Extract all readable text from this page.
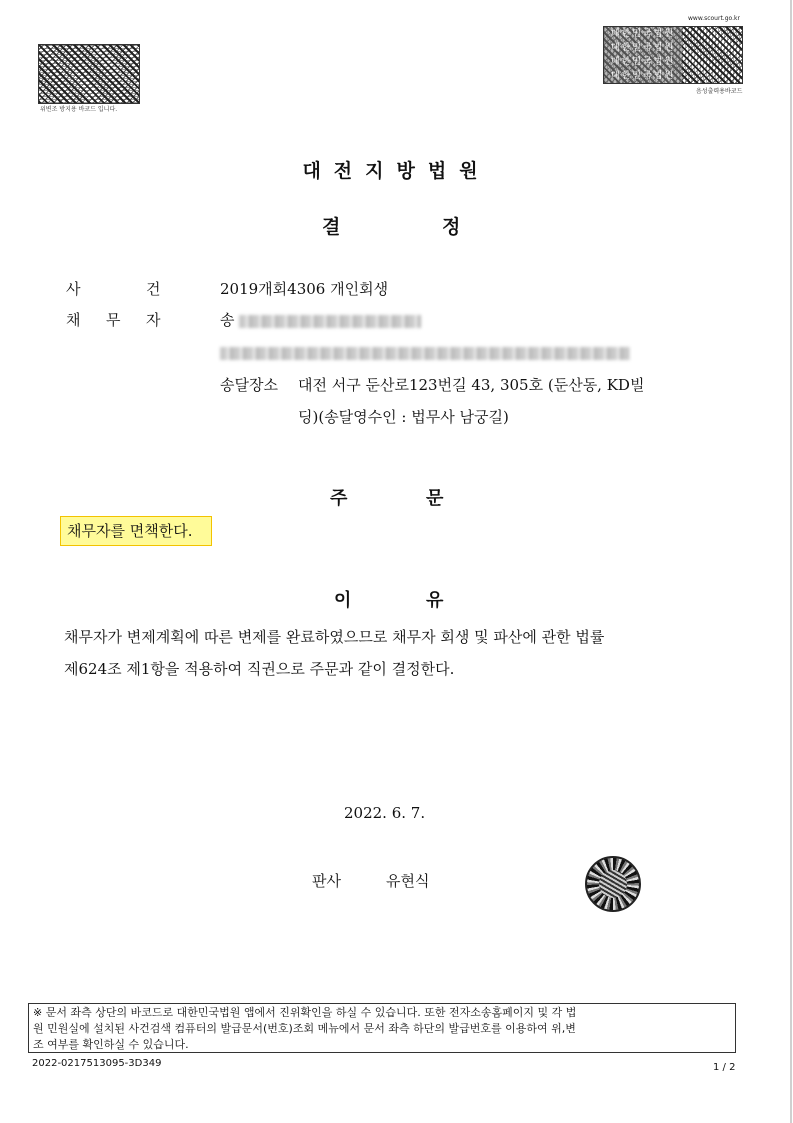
위변조 방지용 바코드 입니다.
www.scourt.go.kr
대한민국법원
대한민국법원
대한민국법원
대한민국법원
음성출력용바코드
대전지방법원
결	정
사	건	2019개회4306 개인회생
채 무 자	송
송달장소 대전 서구 둔산로123번길 43, 305호 (둔산동, KD빌
딩)(송달영수인 : 법무사 남궁길)
주	문
채무자를 면책한다.
이	유
채무자가 변제계획에 따른 변제를 완료하였으므로 채무자 회생 및 파산에 관한 법률
제624조 제1항을 적용하여 직권으로 주문과 같이 결정한다.
2022. 6. 7.
판사	유현식
※ 문서 좌측 상단의 바코드로 대한민국법원 앱에서 진위확인을 하실 수 있습니다. 또한 전자소송홈페이지 및 각 법
원 민원실에 설치된 사건검색 컴퓨터의 발급문서(번호)조회 메뉴에서 문서 좌측 하단의 발급번호를 이용하여 위,변
조 여부를 확인하실 수 있습니다.
2022-0217513095-3D349	1 / 2
